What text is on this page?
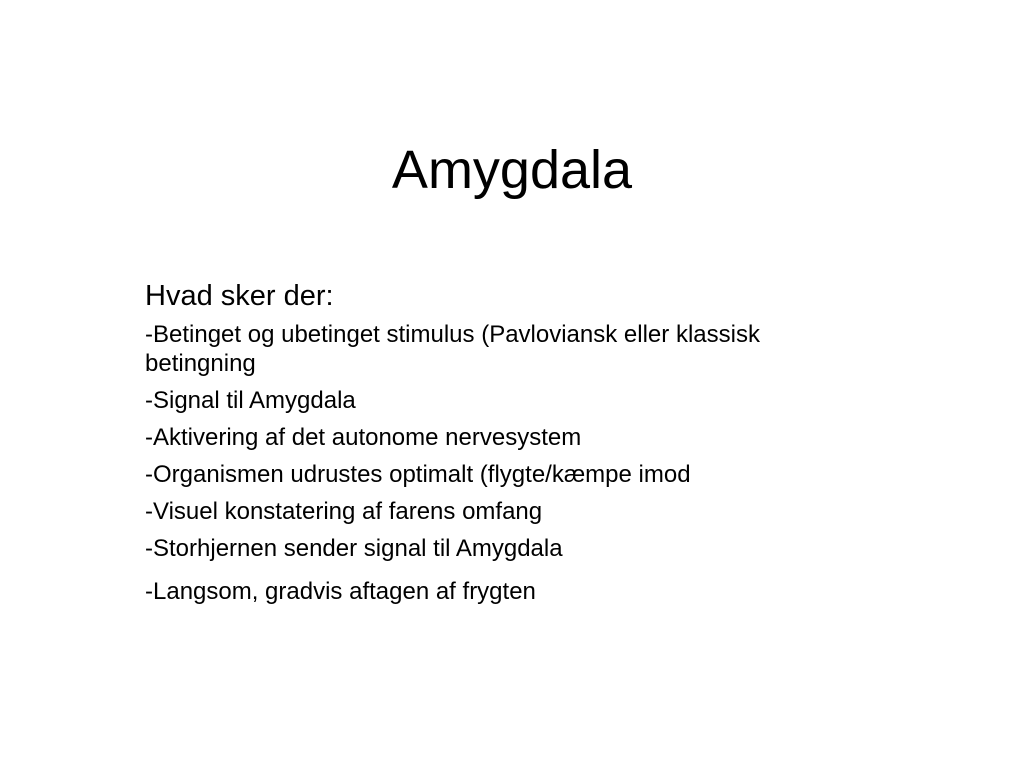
Amygdala
Hvad sker der:
-Betinget og ubetinget stimulus (Pavloviansk eller klassisk betingning
-Signal til Amygdala
-Aktivering af det autonome nervesystem
-Organismen udrustes optimalt (flygte/kæmpe imod
-Visuel konstatering af farens omfang
-Storhjernen sender signal til Amygdala
-Langsom, gradvis aftagen af frygten
